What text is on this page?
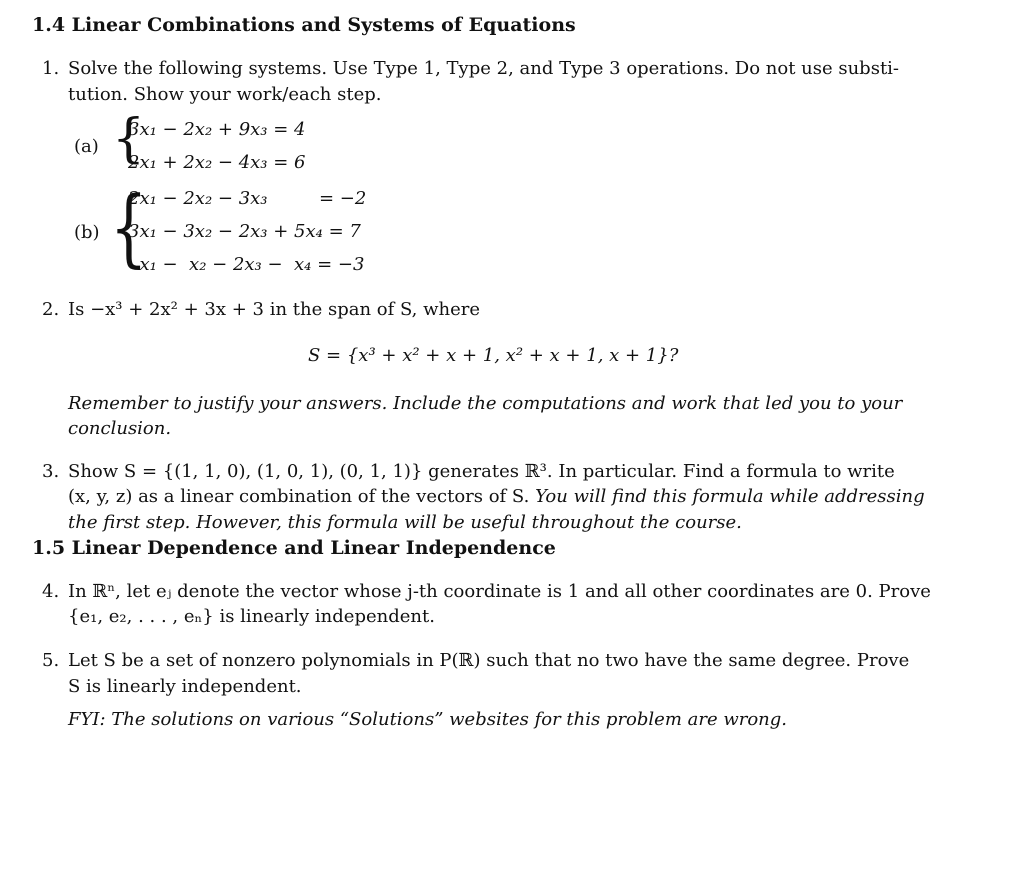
1.4 Linear Combinations and Systems of Equations
1. Solve the following systems. Use Type 1, Type 2, and Type 3 operations. Do not use substi-
tution. Show your work/each step.
(a) {
3x₁ − 2x₂ + 9x₃ = 4
2x₁ + 2x₂ − 4x₃ = 6
(b) {
2x₁ − 2x₂ − 3x₃         = −2
3x₁ − 3x₂ − 2x₃ + 5x₄ = 7
x₁ −  x₂ − 2x₃ −  x₄ = −3
2. Is −x³ + 2x² + 3x + 3 in the span of S, where
S = {x³ + x² + x + 1, x² + x + 1, x + 1}?
Remember to justify your answers. Include the computations and work that led you to your
conclusion.
3. Show S = {(1, 1, 0), (1, 0, 1), (0, 1, 1)} generates ℝ³. In particular. Find a formula to write
(x, y, z) as a linear combination of the vectors of S. You will find this formula while addressing
the first step. However, this formula will be useful throughout the course.
1.5 Linear Dependence and Linear Independence
4. In ℝⁿ, let eⱼ denote the vector whose j-th coordinate is 1 and all other coordinates are 0. Prove
{e₁, e₂, . . . , eₙ} is linearly independent.
5. Let S be a set of nonzero polynomials in P(ℝ) such that no two have the same degree. Prove
S is linearly independent.
FYI: The solutions on various “Solutions” websites for this problem are wrong.
